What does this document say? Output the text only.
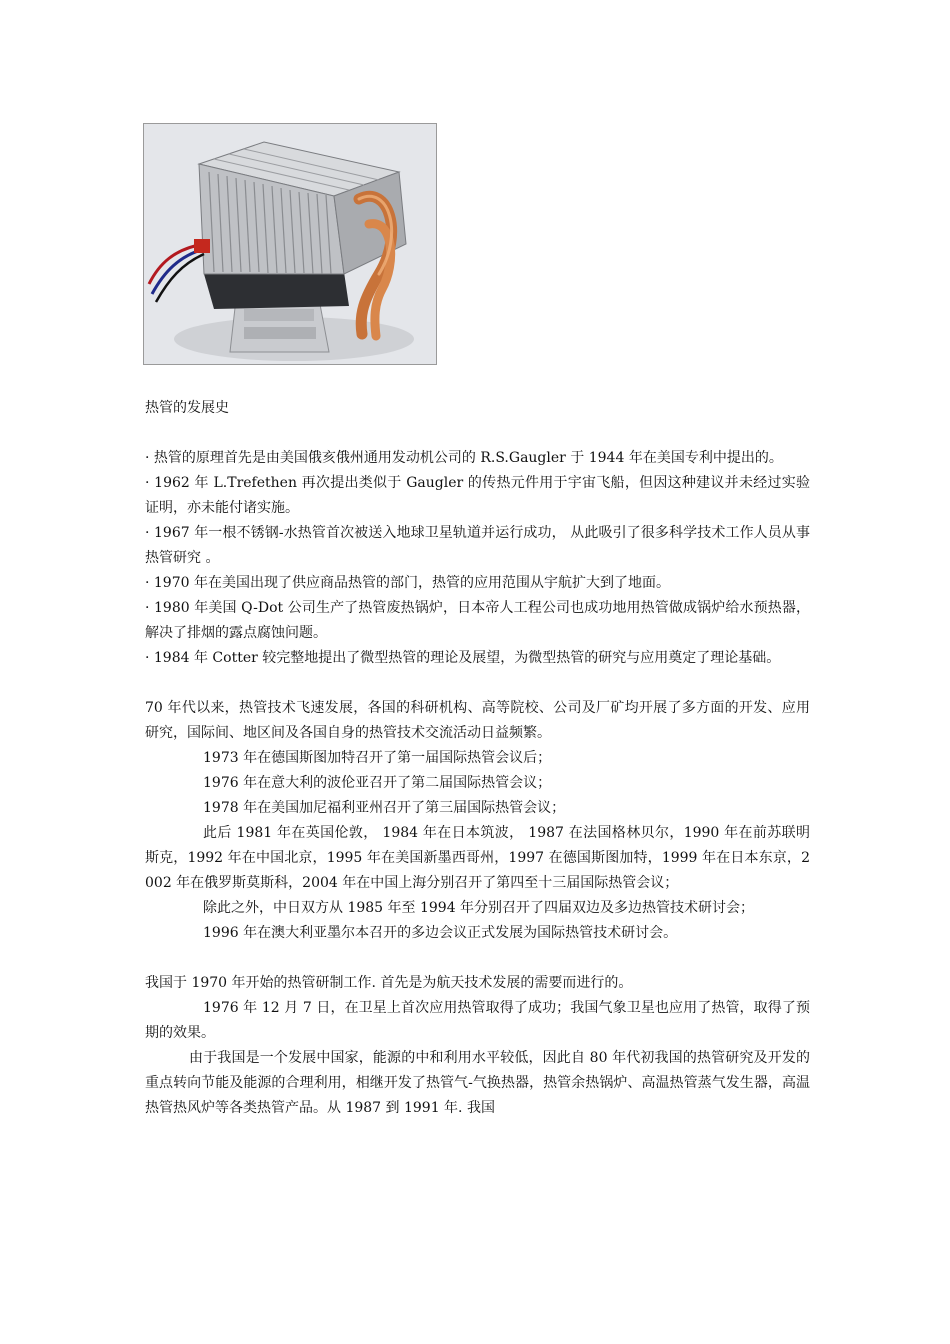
热管的发展史

· 热管的原理首先是由美国俄亥俄州通用发动机公司的 R.S.Gaugler 于 1944 年在美国专利中提出的。

· 1962 年 L.Trefethen 再次提出类似于 Gaugler 的传热元件用于宇宙飞船，但因这种建议并未经过实验证明，亦未能付诸实施。

· 1967 年一根不锈钢-水热管首次被送入地球卫星轨道并运行成功， 从此吸引了很多科学技术工作人员从事热管研究 。

· 1970 年在美国出现了供应商品热管的部门，热管的应用范围从宇航扩大到了地面。

· 1980 年美国 Q-Dot 公司生产了热管废热锅炉，日本帝人工程公司也成功地用热管做成锅炉给水预热器，解决了排烟的露点腐蚀问题。

· 1984 年 Cotter 较完整地提出了微型热管的理论及展望，为微型热管的研究与应用奠定了理论基础。

70 年代以来，热管技术飞速发展，各国的科研机构、高等院校、公司及厂矿均开展了多方面的开发、应用研究，国际间、地区间及各国自身的热管技术交流活动日益频繁。

1973 年在德国斯图加特召开了第一届国际热管会议后；

1976 年在意大利的波伦亚召开了第二届国际热管会议；

1978 年在美国加尼福利亚州召开了第三届国际热管会议；

此后 1981 年在英国伦敦， 1984 年在日本筑波， 1987 在法国格林贝尔，1990 年在前苏联明斯克，1992 年在中国北京，1995 年在美国新墨西哥州，1997 在德国斯图加特，1999 年在日本东京，2002 年在俄罗斯莫斯科，2004 年在中国上海分别召开了第四至十三届国际热管会议；

除此之外，中日双方从 1985 年至 1994 年分别召开了四届双边及多边热管技术研讨会；

1996 年在澳大利亚墨尔本召开的多边会议正式发展为国际热管技术研讨会。

我国于 1970 年开始的热管研制工作. 首先是为航天技术发展的需要而进行的。

1976 年 12 月 7 日，在卫星上首次应用热管取得了成功；我国气象卫星也应用了热管，取得了预期的效果。

由于我国是一个发展中国家，能源的中和利用水平较低，因此自 80 年代初我国的热管研究及开发的重点转向节能及能源的合理利用，相继开发了热管气-气换热器，热管余热锅炉、高温热管蒸气发生器，高温热管热风炉等各类热管产品。从 1987 到 1991 年. 我国
